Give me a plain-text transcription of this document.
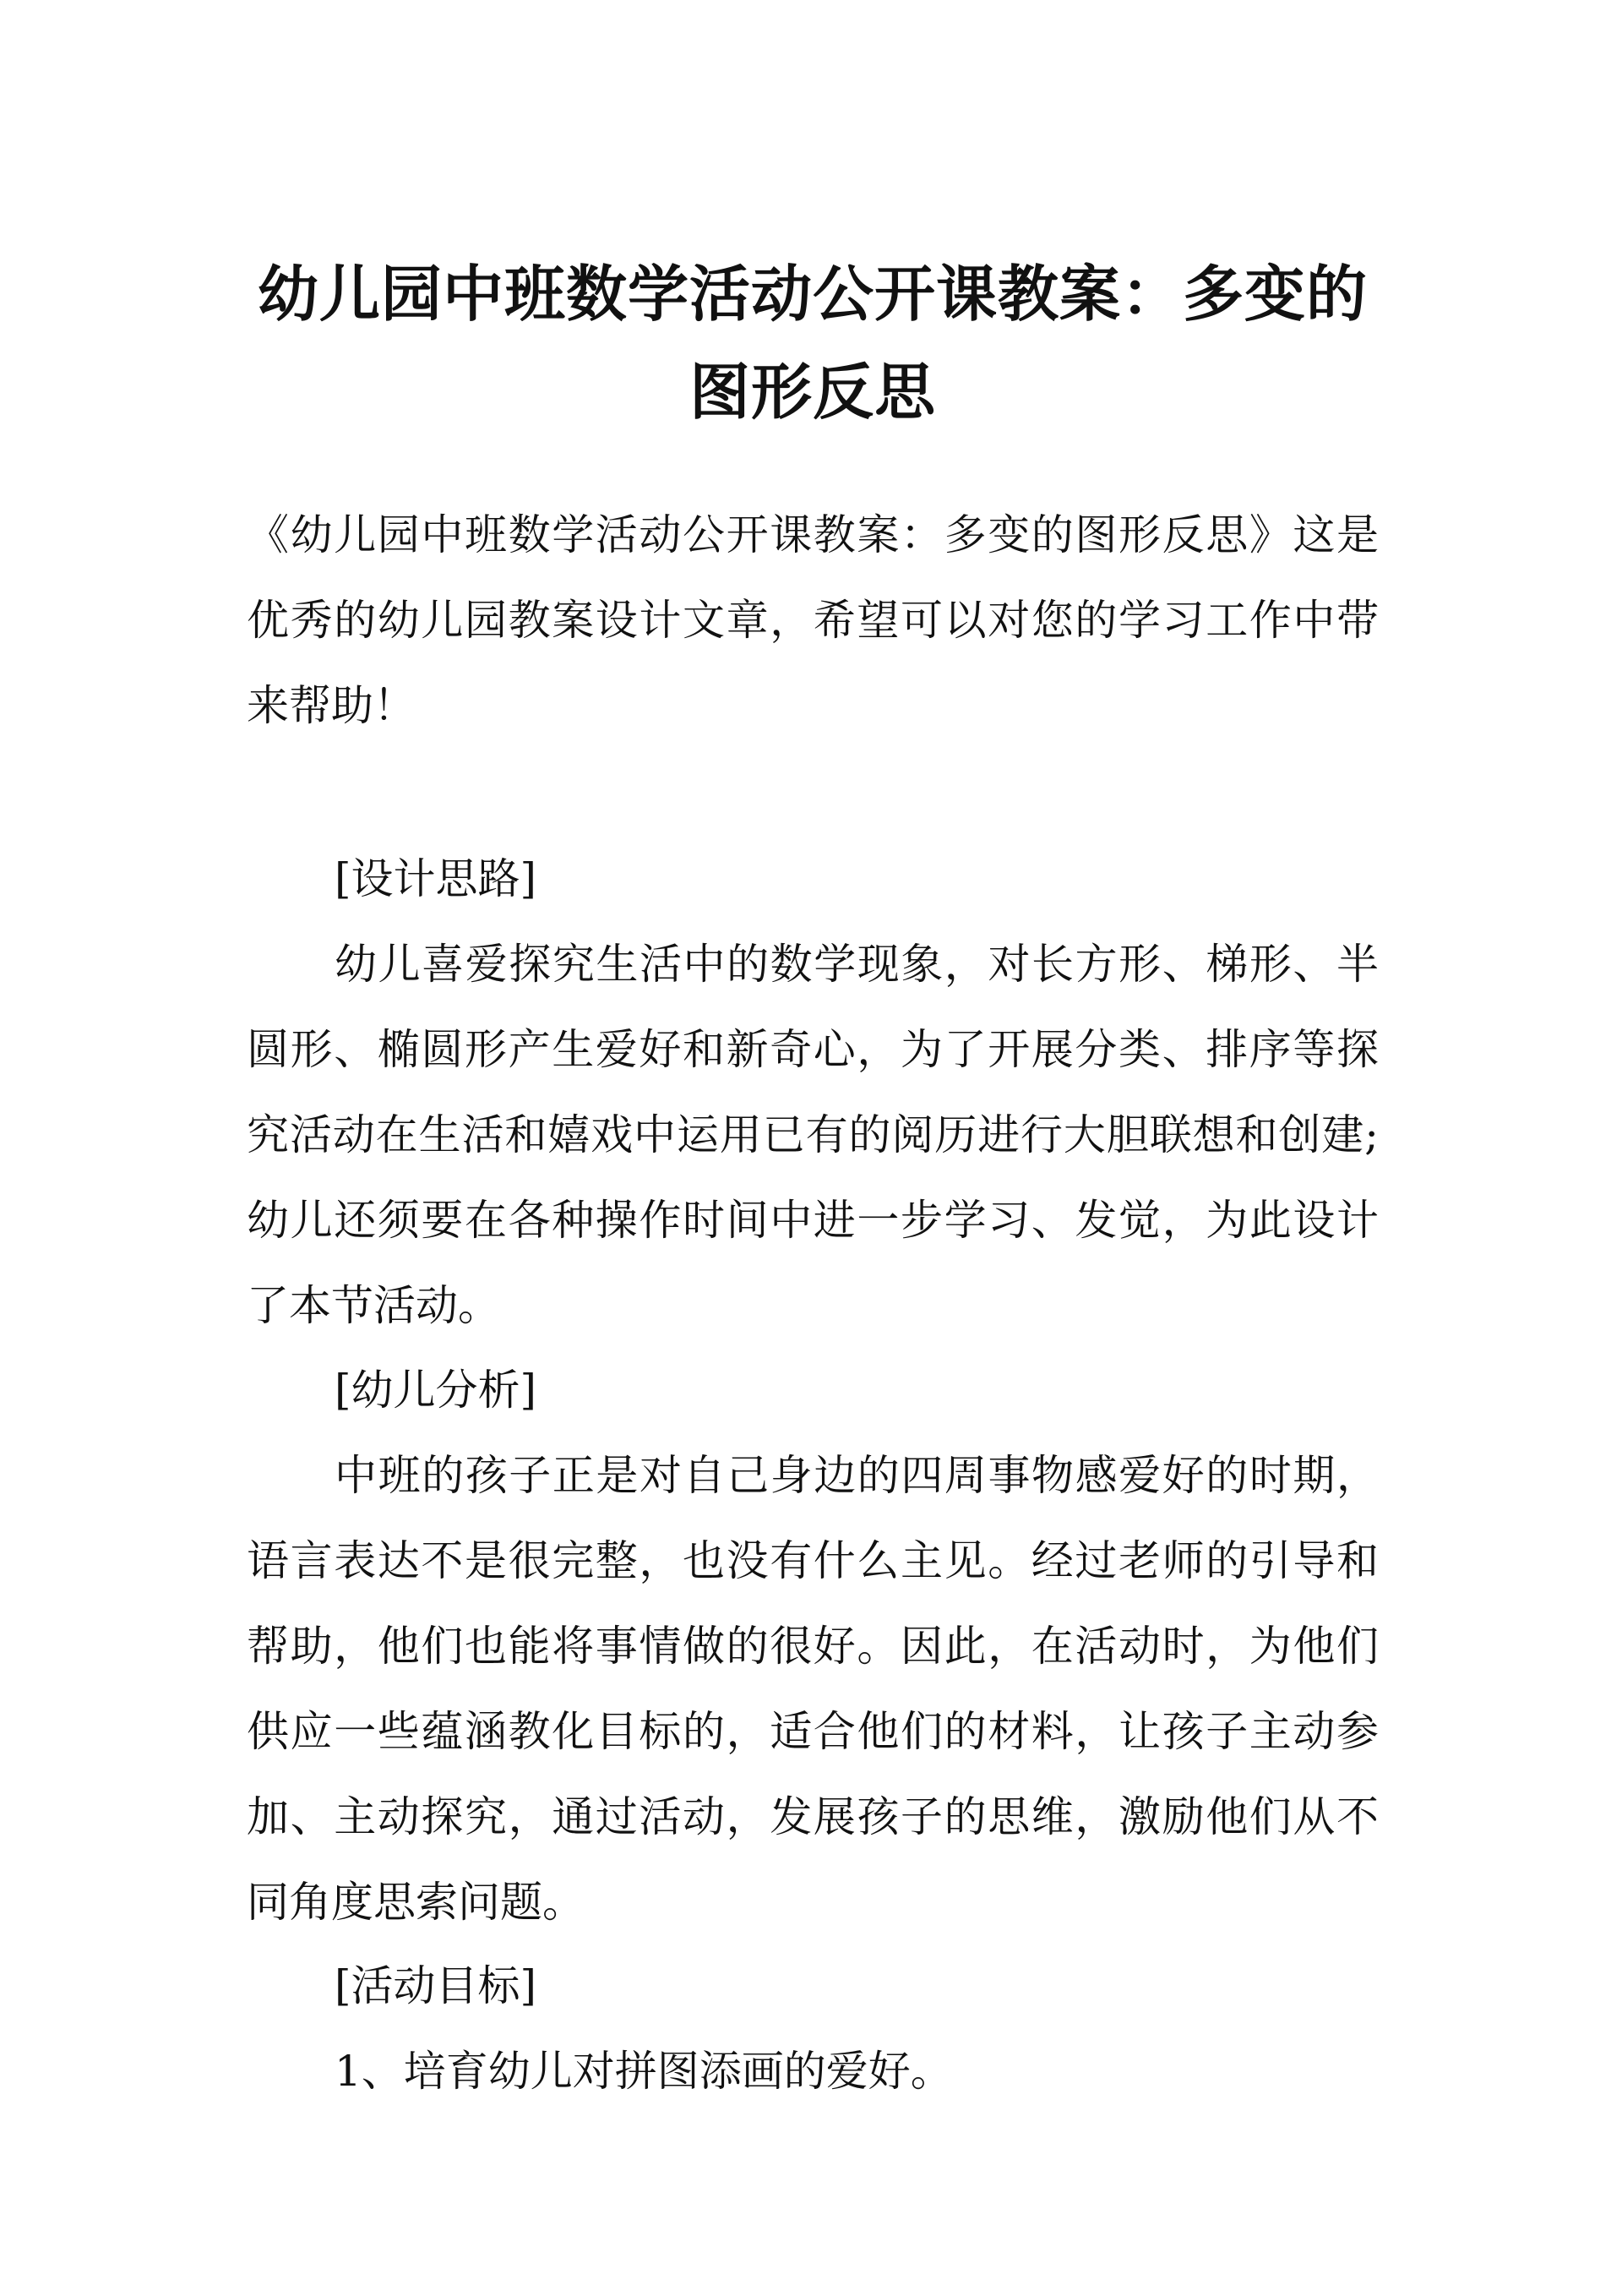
幼儿园中班数学活动公开课教案：多变的图形反思

《幼儿园中班数学活动公开课教案：多变的图形反思》这是优秀的幼儿园教案设计文章，希望可以对您的学习工作中带来帮助！

[设计思路]

幼儿喜爱探究生活中的数学现象，对长方形、梯形、半圆形、椭圆形产生爱好和新奇心，为了开展分类、排序等探究活动在生活和嬉戏中运用已有的阅历进行大胆联想和创建;幼儿还须要在各种操作时间中进一步学习、发觉，为此设计了本节活动。

[幼儿分析]

中班的孩子正是对自己身边的四周事物感爱好的时期，语言表达不是很完整，也没有什么主见。经过老师的引导和帮助，他们也能将事情做的很好。因此，在活动时，为他们供应一些蕴涵教化目标的，适合他们的材料，让孩子主动参加、主动探究，通过活动，发展孩子的思维，激励他们从不同角度思索问题。

[活动目标]

1、培育幼儿对拼图添画的爱好。
